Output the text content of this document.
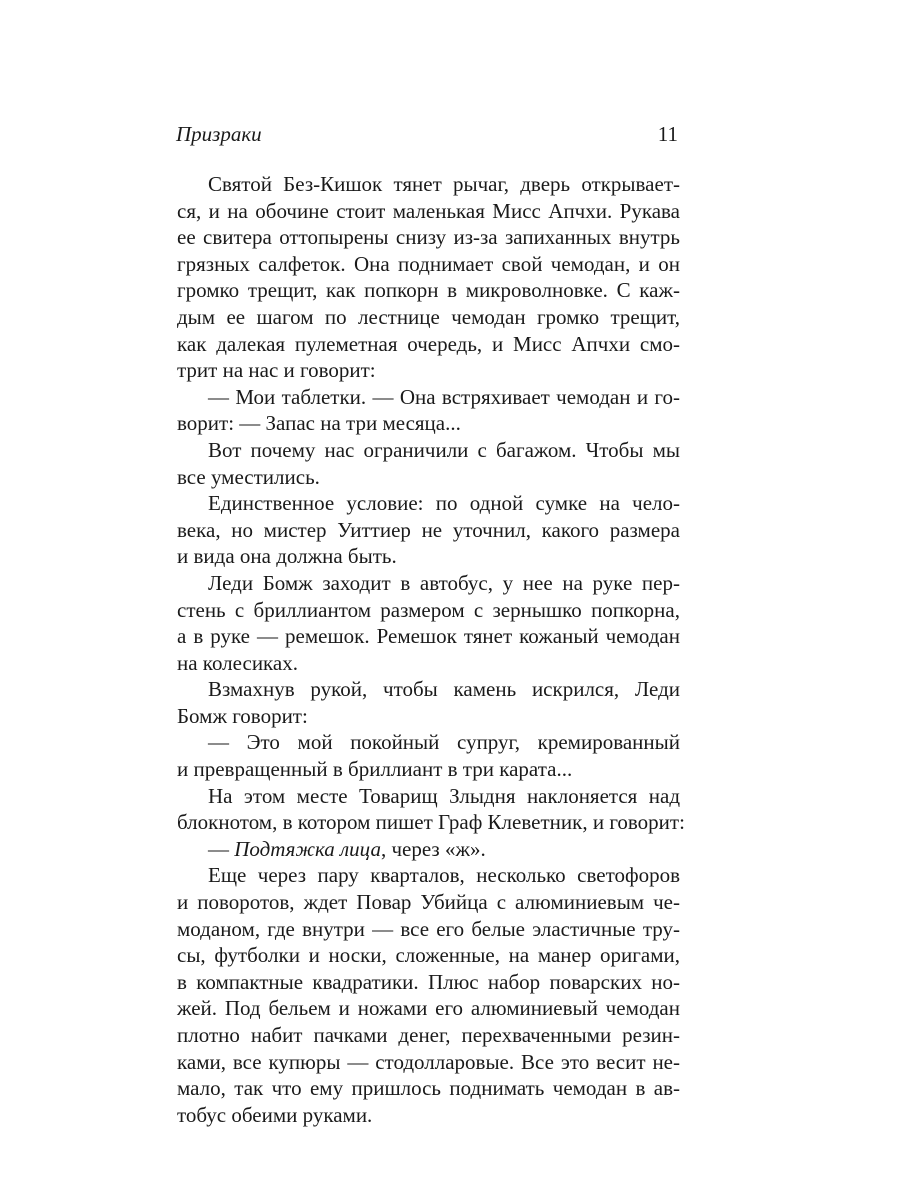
Призраки	11
Святой Без-Кишок тянет рычаг, дверь открывает-
ся, и на обочине стоит маленькая Мисс Апчхи. Рукава
ее свитера оттопырены снизу из-за запиханных внутрь
грязных салфеток. Она поднимает свой чемодан, и он
громко трещит, как попкорн в микроволновке. С каж-
дым ее шагом по лестнице чемодан громко трещит,
как далекая пулеметная очередь, и Мисс Апчхи смо-
трит на нас и говорит:
— Мои таблетки. — Она встряхивает чемодан и го-
ворит: — Запас на три месяца...
Вот почему нас ограничили с багажом. Чтобы мы
все уместились.
Единственное условие: по одной сумке на чело-
века, но мистер Уиттиер не уточнил, какого размера
и вида она должна быть.
Леди Бомж заходит в автобус, у нее на руке пер-
стень с бриллиантом размером с зернышко попкорна,
а в руке — ремешок. Ремешок тянет кожаный чемодан
на колесиках.
Взмахнув рукой, чтобы камень искрился, Леди
Бомж говорит:
— Это мой покойный супруг, кремированный
и превращенный в бриллиант в три карата...
На этом месте Товарищ Злыдня наклоняется над
блокнотом, в котором пишет Граф Клеветник, и говорит:
— Подтяжка лица, через «ж».
Еще через пару кварталов, несколько светофоров
и поворотов, ждет Повар Убийца с алюминиевым че-
моданом, где внутри — все его белые эластичные тру-
сы, футболки и носки, сложенные, на манер оригами,
в компактные квадратики. Плюс набор поварских но-
жей. Под бельем и ножами его алюминиевый чемодан
плотно набит пачками денег, перехваченными резин-
ками, все купюры — стодолларовые. Все это весит не-
мало, так что ему пришлось поднимать чемодан в ав-
тобус обеими руками.
